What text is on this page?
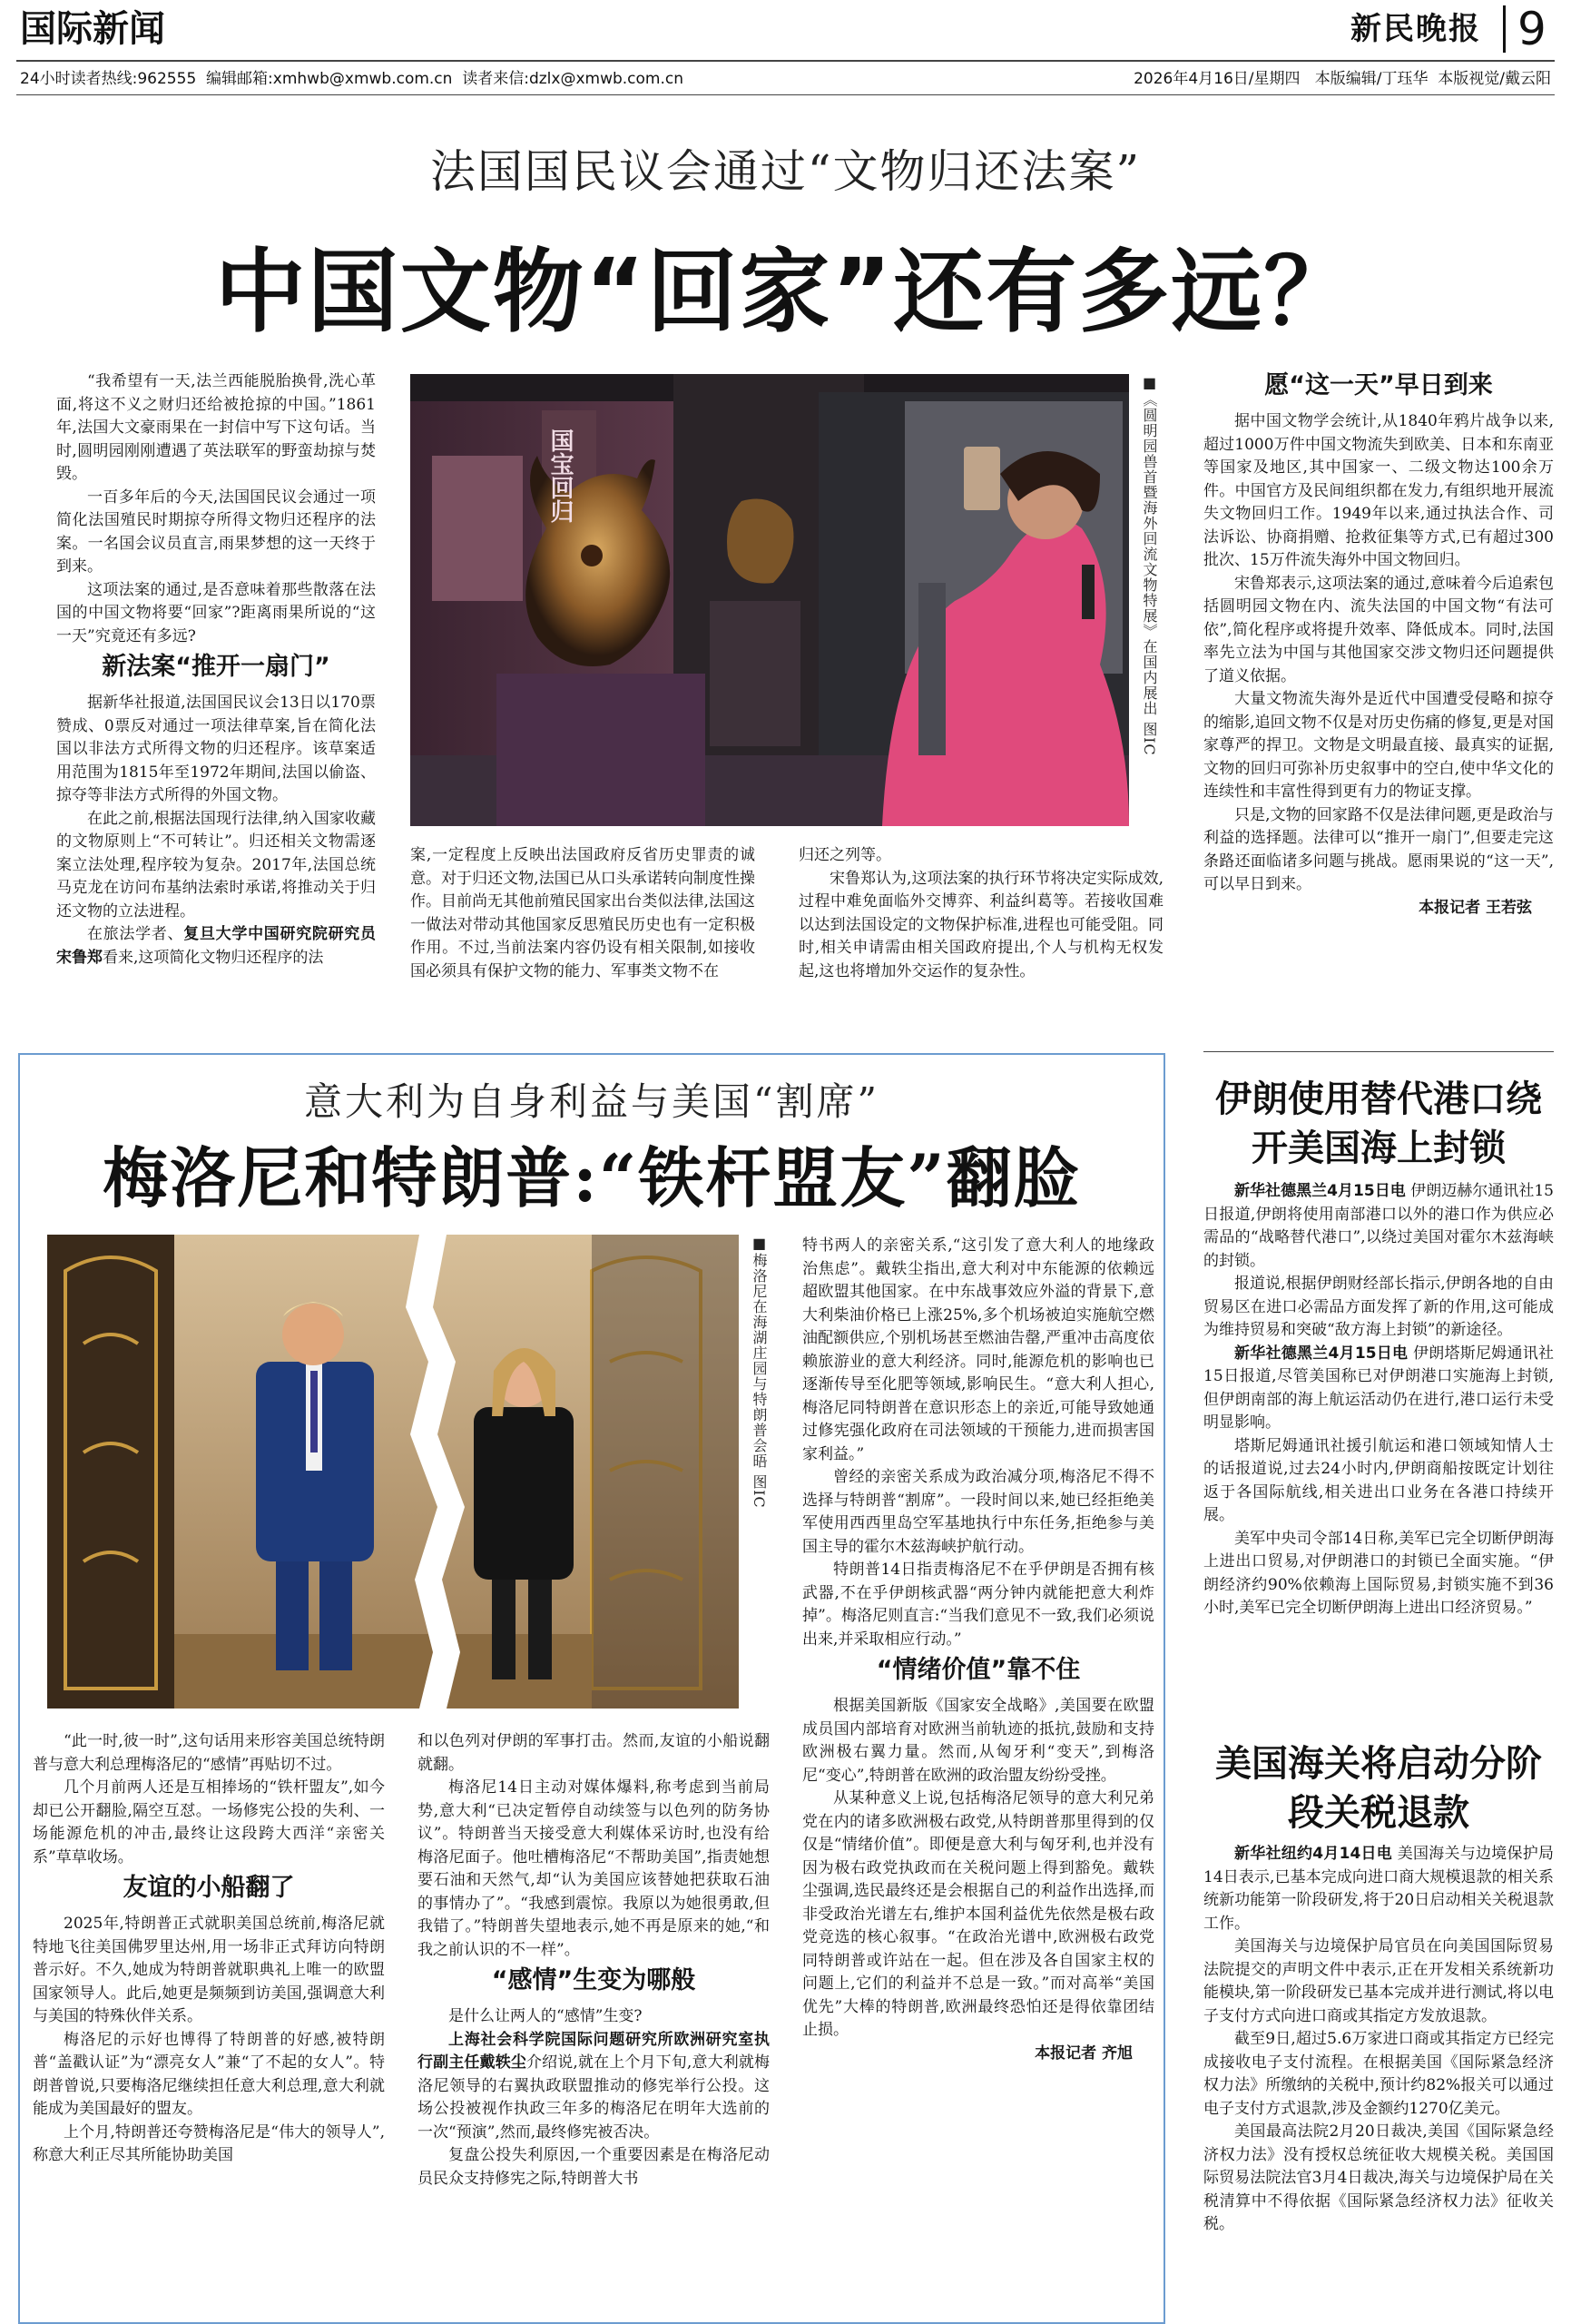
国际新闻	新民晚报 9
24小时读者热线:962555  编辑邮箱:xmhwb@xmwb.com.cn  读者来信:dzlx@xmwb.com.cn	2026年4月16日/星期四   本版编辑/丁珏华  本版视觉/戴云阳
法国国民议会通过“文物归还法案”
中国文物“回家”还有多远？

“我希望有一天,法兰西能脱胎换骨,洗心革面,将这不义之财归还给被抢掠的中国。”1861年,法国大文豪雨果在一封信中写下这句话。当时,圆明园刚刚遭遇了英法联军的野蛮劫掠与焚毁。

一百多年后的今天,法国国民议会通过一项简化法国殖民时期掠夺所得文物归还程序的法案。一名国会议员直言,雨果梦想的这一天终于到来。

这项法案的通过,是否意味着那些散落在法国的中国文物将要“回家”?距离雨果所说的“这一天”究竟还有多远?

新法案“推开一扇门”

据新华社报道,法国国民议会13日以170票赞成、0票反对通过一项法律草案,旨在简化法国以非法方式所得文物的归还程序。该草案适用范围为1815年至1972年期间,法国以偷盗、掠夺等非法方式所得的外国文物。

在此之前,根据法国现行法律,纳入国家收藏的文物原则上“不可转让”。归还相关文物需逐案立法处理,程序较为复杂。2017年,法国总统马克龙在访问布基纳法索时承诺,将推动关于归还文物的立法进程。

在旅法学者、复旦大学中国研究院研究员宋鲁郑看来,这项简化文物归还程序的法

国宝回归	■《圆明园兽首暨海外回流文物特展》在国内展出 图IC

案,一定程度上反映出法国政府反省历史罪责的诚意。对于归还文物,法国已从口头承诺转向制度性操作。目前尚无其他前殖民国家出台类似法律,法国这一做法对带动其他国家反思殖民历史也有一定积极作用。不过,当前法案内容仍设有相关限制,如接收国必须具有保护文物的能力、军事类文物不在

归还之列等。

宋鲁郑认为,这项法案的执行环节将决定实际成效,过程中难免面临外交博弈、利益纠葛等。若接收国难以达到法国设定的文物保护标准,进程也可能受阻。同时,相关申请需由相关国政府提出,个人与机构无权发起,这也将增加外交运作的复杂性。

愿“这一天”早日到来

据中国文物学会统计,从1840年鸦片战争以来,超过1000万件中国文物流失到欧美、日本和东南亚等国家及地区,其中国家一、二级文物达100余万件。中国官方及民间组织都在发力,有组织地开展流失文物回归工作。1949年以来,通过执法合作、司法诉讼、协商捐赠、抢救征集等方式,已有超过300批次、15万件流失海外中国文物回归。

宋鲁郑表示,这项法案的通过,意味着今后追索包括圆明园文物在内、流失法国的中国文物“有法可依”,简化程序或将提升效率、降低成本。同时,法国率先立法为中国与其他国家交涉文物归还问题提供了道义依据。

大量文物流失海外是近代中国遭受侵略和掠夺的缩影,追回文物不仅是对历史伤痛的修复,更是对国家尊严的捍卫。文物是文明最直接、最真实的证据,文物的回归可弥补历史叙事中的空白,使中华文化的连续性和丰富性得到更有力的物证支撑。

只是,文物的回家路不仅是法律问题,更是政治与利益的选择题。法律可以“推开一扇门”,但要走完这条路还面临诸多问题与挑战。愿雨果说的“这一天”,可以早日到来。

本报记者 王若弦

意大利为自身利益与美国“割席”
梅洛尼和特朗普:“铁杆盟友”翻脸
■梅洛尼在海湖庄园与特朗普会晤 图IC

“此一时,彼一时”,这句话用来形容美国总统特朗普与意大利总理梅洛尼的“感情”再贴切不过。

几个月前两人还是互相捧场的“铁杆盟友”,如今却已公开翻脸,隔空互怼。一场修宪公投的失利、一场能源危机的冲击,最终让这段跨大西洋“亲密关系”草草收场。

友谊的小船翻了

2025年,特朗普正式就职美国总统前,梅洛尼就特地飞往美国佛罗里达州,用一场非正式拜访向特朗普示好。不久,她成为特朗普就职典礼上唯一的欧盟国家领导人。此后,她更是频频到访美国,强调意大利与美国的特殊伙伴关系。

梅洛尼的示好也博得了特朗普的好感,被特朗普“盖戳认证”为“漂亮女人”兼“了不起的女人”。特朗普曾说,只要梅洛尼继续担任意大利总理,意大利就能成为美国最好的盟友。

上个月,特朗普还夸赞梅洛尼是“伟大的领导人”,称意大利正尽其所能协助美国

和以色列对伊朗的军事打击。然而,友谊的小船说翻就翻。

梅洛尼14日主动对媒体爆料,称考虑到当前局势,意大利“已决定暂停自动续签与以色列的防务协议”。特朗普当天接受意大利媒体采访时,也没有给梅洛尼面子。他吐槽梅洛尼“不帮助美国”,指责她想要石油和天然气,却“认为美国应该替她把获取石油的事情办了”。“我感到震惊。我原以为她很勇敢,但我错了。”特朗普失望地表示,她不再是原来的她,“和我之前认识的不一样”。

“感情”生变为哪般

是什么让两人的“感情”生变?

上海社会科学院国际问题研究所欧洲研究室执行副主任戴轶尘介绍说,就在上个月下旬,意大利就梅洛尼领导的右翼执政联盟推动的修宪举行公投。这场公投被视作执政三年多的梅洛尼在明年大选前的一次“预演”,然而,最终修宪被否决。

复盘公投失利原因,一个重要因素是在梅洛尼动员民众支持修宪之际,特朗普大书

特书两人的亲密关系,“这引发了意大利人的地缘政治焦虑”。戴轶尘指出,意大利对中东能源的依赖远超欧盟其他国家。在中东战事效应外溢的背景下,意大利柴油价格已上涨25%,多个机场被迫实施航空燃油配额供应,个别机场甚至燃油告罄,严重冲击高度依赖旅游业的意大利经济。同时,能源危机的影响也已逐渐传导至化肥等领域,影响民生。“意大利人担心,梅洛尼同特朗普在意识形态上的亲近,可能导致她通过修宪强化政府在司法领域的干预能力,进而损害国家利益。”

曾经的亲密关系成为政治减分项,梅洛尼不得不选择与特朗普“割席”。一段时间以来,她已经拒绝美军使用西西里岛空军基地执行中东任务,拒绝参与美国主导的霍尔木兹海峡护航行动。

特朗普14日指责梅洛尼不在乎伊朗是否拥有核武器,不在乎伊朗核武器“两分钟内就能把意大利炸掉”。梅洛尼则直言:“当我们意见不一致,我们必须说出来,并采取相应行动。”

“情绪价值”靠不住

根据美国新版《国家安全战略》,美国要在欧盟成员国内部培育对欧洲当前轨迹的抵抗,鼓励和支持欧洲极右翼力量。然而,从匈牙利“变天”,到梅洛尼“变心”,特朗普在欧洲的政治盟友纷纷受挫。

从某种意义上说,包括梅洛尼领导的意大利兄弟党在内的诸多欧洲极右政党,从特朗普那里得到的仅仅是“情绪价值”。即便是意大利与匈牙利,也并没有因为极右政党执政而在关税问题上得到豁免。戴轶尘强调,选民最终还是会根据自己的利益作出选择,而非受政治光谱左右,维护本国利益优先依然是极右政党竞选的核心叙事。“在政治光谱中,欧洲极右政党同特朗普或许站在一起。但在涉及各自国家主权的问题上,它们的利益并不总是一致。”而对高举“美国优先”大棒的特朗普,欧洲最终恐怕还是得依靠团结止损。

本报记者 齐旭

伊朗使用替代港口绕开美国海上封锁

新华社德黑兰4月15日电 伊朗迈赫尔通讯社15日报道,伊朗将使用南部港口以外的港口作为供应必需品的“战略替代港口”,以绕过美国对霍尔木兹海峡的封锁。

报道说,根据伊朗财经部长指示,伊朗各地的自由贸易区在进口必需品方面发挥了新的作用,这可能成为维持贸易和突破“敌方海上封锁”的新途径。

新华社德黑兰4月15日电 伊朗塔斯尼姆通讯社15日报道,尽管美国称已对伊朗港口实施海上封锁,但伊朗南部的海上航运活动仍在进行,港口运行未受明显影响。

塔斯尼姆通讯社援引航运和港口领域知情人士的话报道说,过去24小时内,伊朗商船按既定计划往返于各国际航线,相关进出口业务在各港口持续开展。

美军中央司令部14日称,美军已完全切断伊朗海上进出口贸易,对伊朗港口的封锁已全面实施。“伊朗经济约90%依赖海上国际贸易,封锁实施不到36小时,美军已完全切断伊朗海上进出口经济贸易。”

美国海关将启动分阶段关税退款

新华社纽约4月14日电 美国海关与边境保护局14日表示,已基本完成向进口商大规模退款的相关系统新功能第一阶段研发,将于20日启动相关关税退款工作。

美国海关与边境保护局官员在向美国国际贸易法院提交的声明文件中表示,正在开发相关系统新功能模块,第一阶段研发已基本完成并进行测试,将以电子支付方式向进口商或其指定方发放退款。

截至9日,超过5.6万家进口商或其指定方已经完成接收电子支付流程。在根据美国《国际紧急经济权力法》所缴纳的关税中,预计约82%报关可以通过电子支付方式退款,涉及金额约1270亿美元。

美国最高法院2月20日裁决,美国《国际紧急经济权力法》没有授权总统征收大规模关税。美国国际贸易法院法官3月4日裁决,海关与边境保护局在关税清算中不得依据《国际紧急经济权力法》征收关税。
